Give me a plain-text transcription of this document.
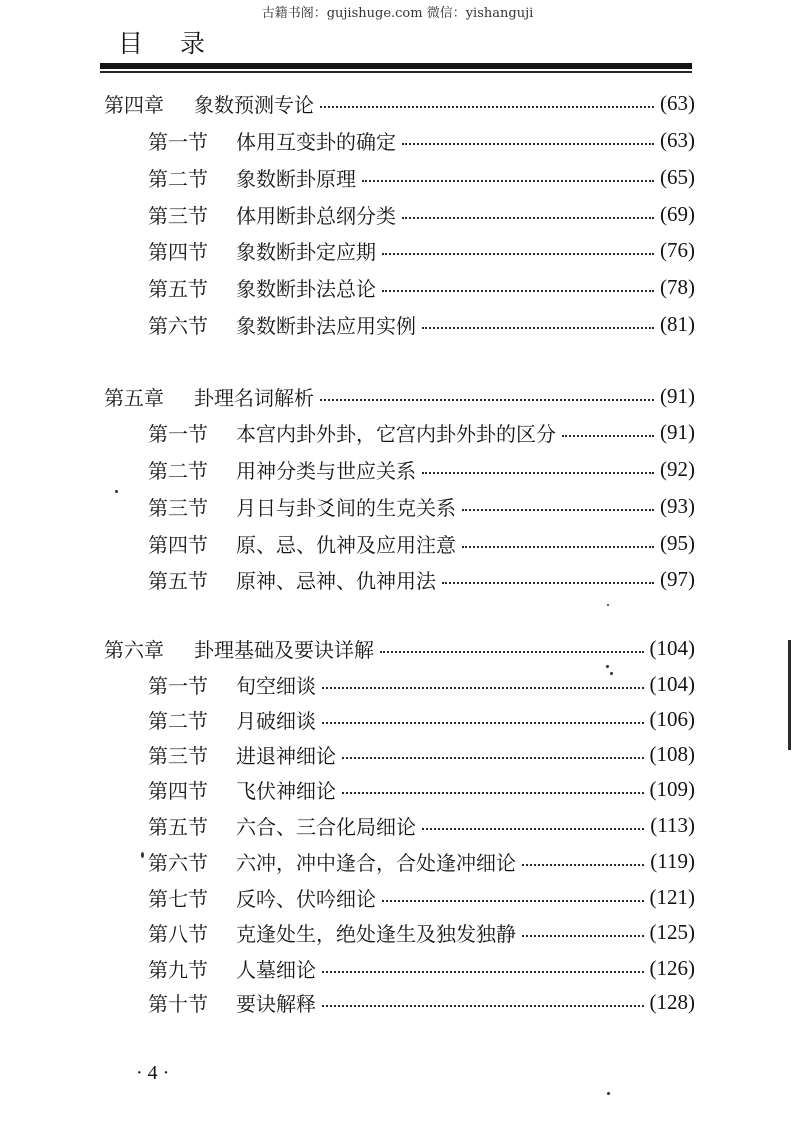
古籍书阁：gujishuge.com 微信：yishanguji
目 录
第四章	象数预测专论	(63)
第一节	体用互变卦的确定	(63)
第二节	象数断卦原理	(65)
第三节	体用断卦总纲分类	(69)
第四节	象数断卦定应期	(76)
第五节	象数断卦法总论	(78)
第六节	象数断卦法应用实例	(81)
第五章	卦理名词解析	(91)
第一节	本宫内卦外卦，它宫内卦外卦的区分	(91)
第二节	用神分类与世应关系	(92)
第三节	月日与卦爻间的生克关系	(93)
第四节	原、忌、仇神及应用注意	(95)
第五节	原神、忌神、仇神用法	(97)
第六章	卦理基础及要诀详解	(104)
第一节	旬空细谈	(104)
第二节	月破细谈	(106)
第三节	进退神细论	(108)
第四节	飞伏神细论	(109)
第五节	六合、三合化局细论	(113)
第六节	六冲，冲中逢合，合处逢冲细论	(119)
第七节	反吟、伏吟细论	(121)
第八节	克逢处生，绝处逢生及独发独静	(125)
第九节	人墓细论	(126)
第十节	要诀解释	(128)
· 4 ·
